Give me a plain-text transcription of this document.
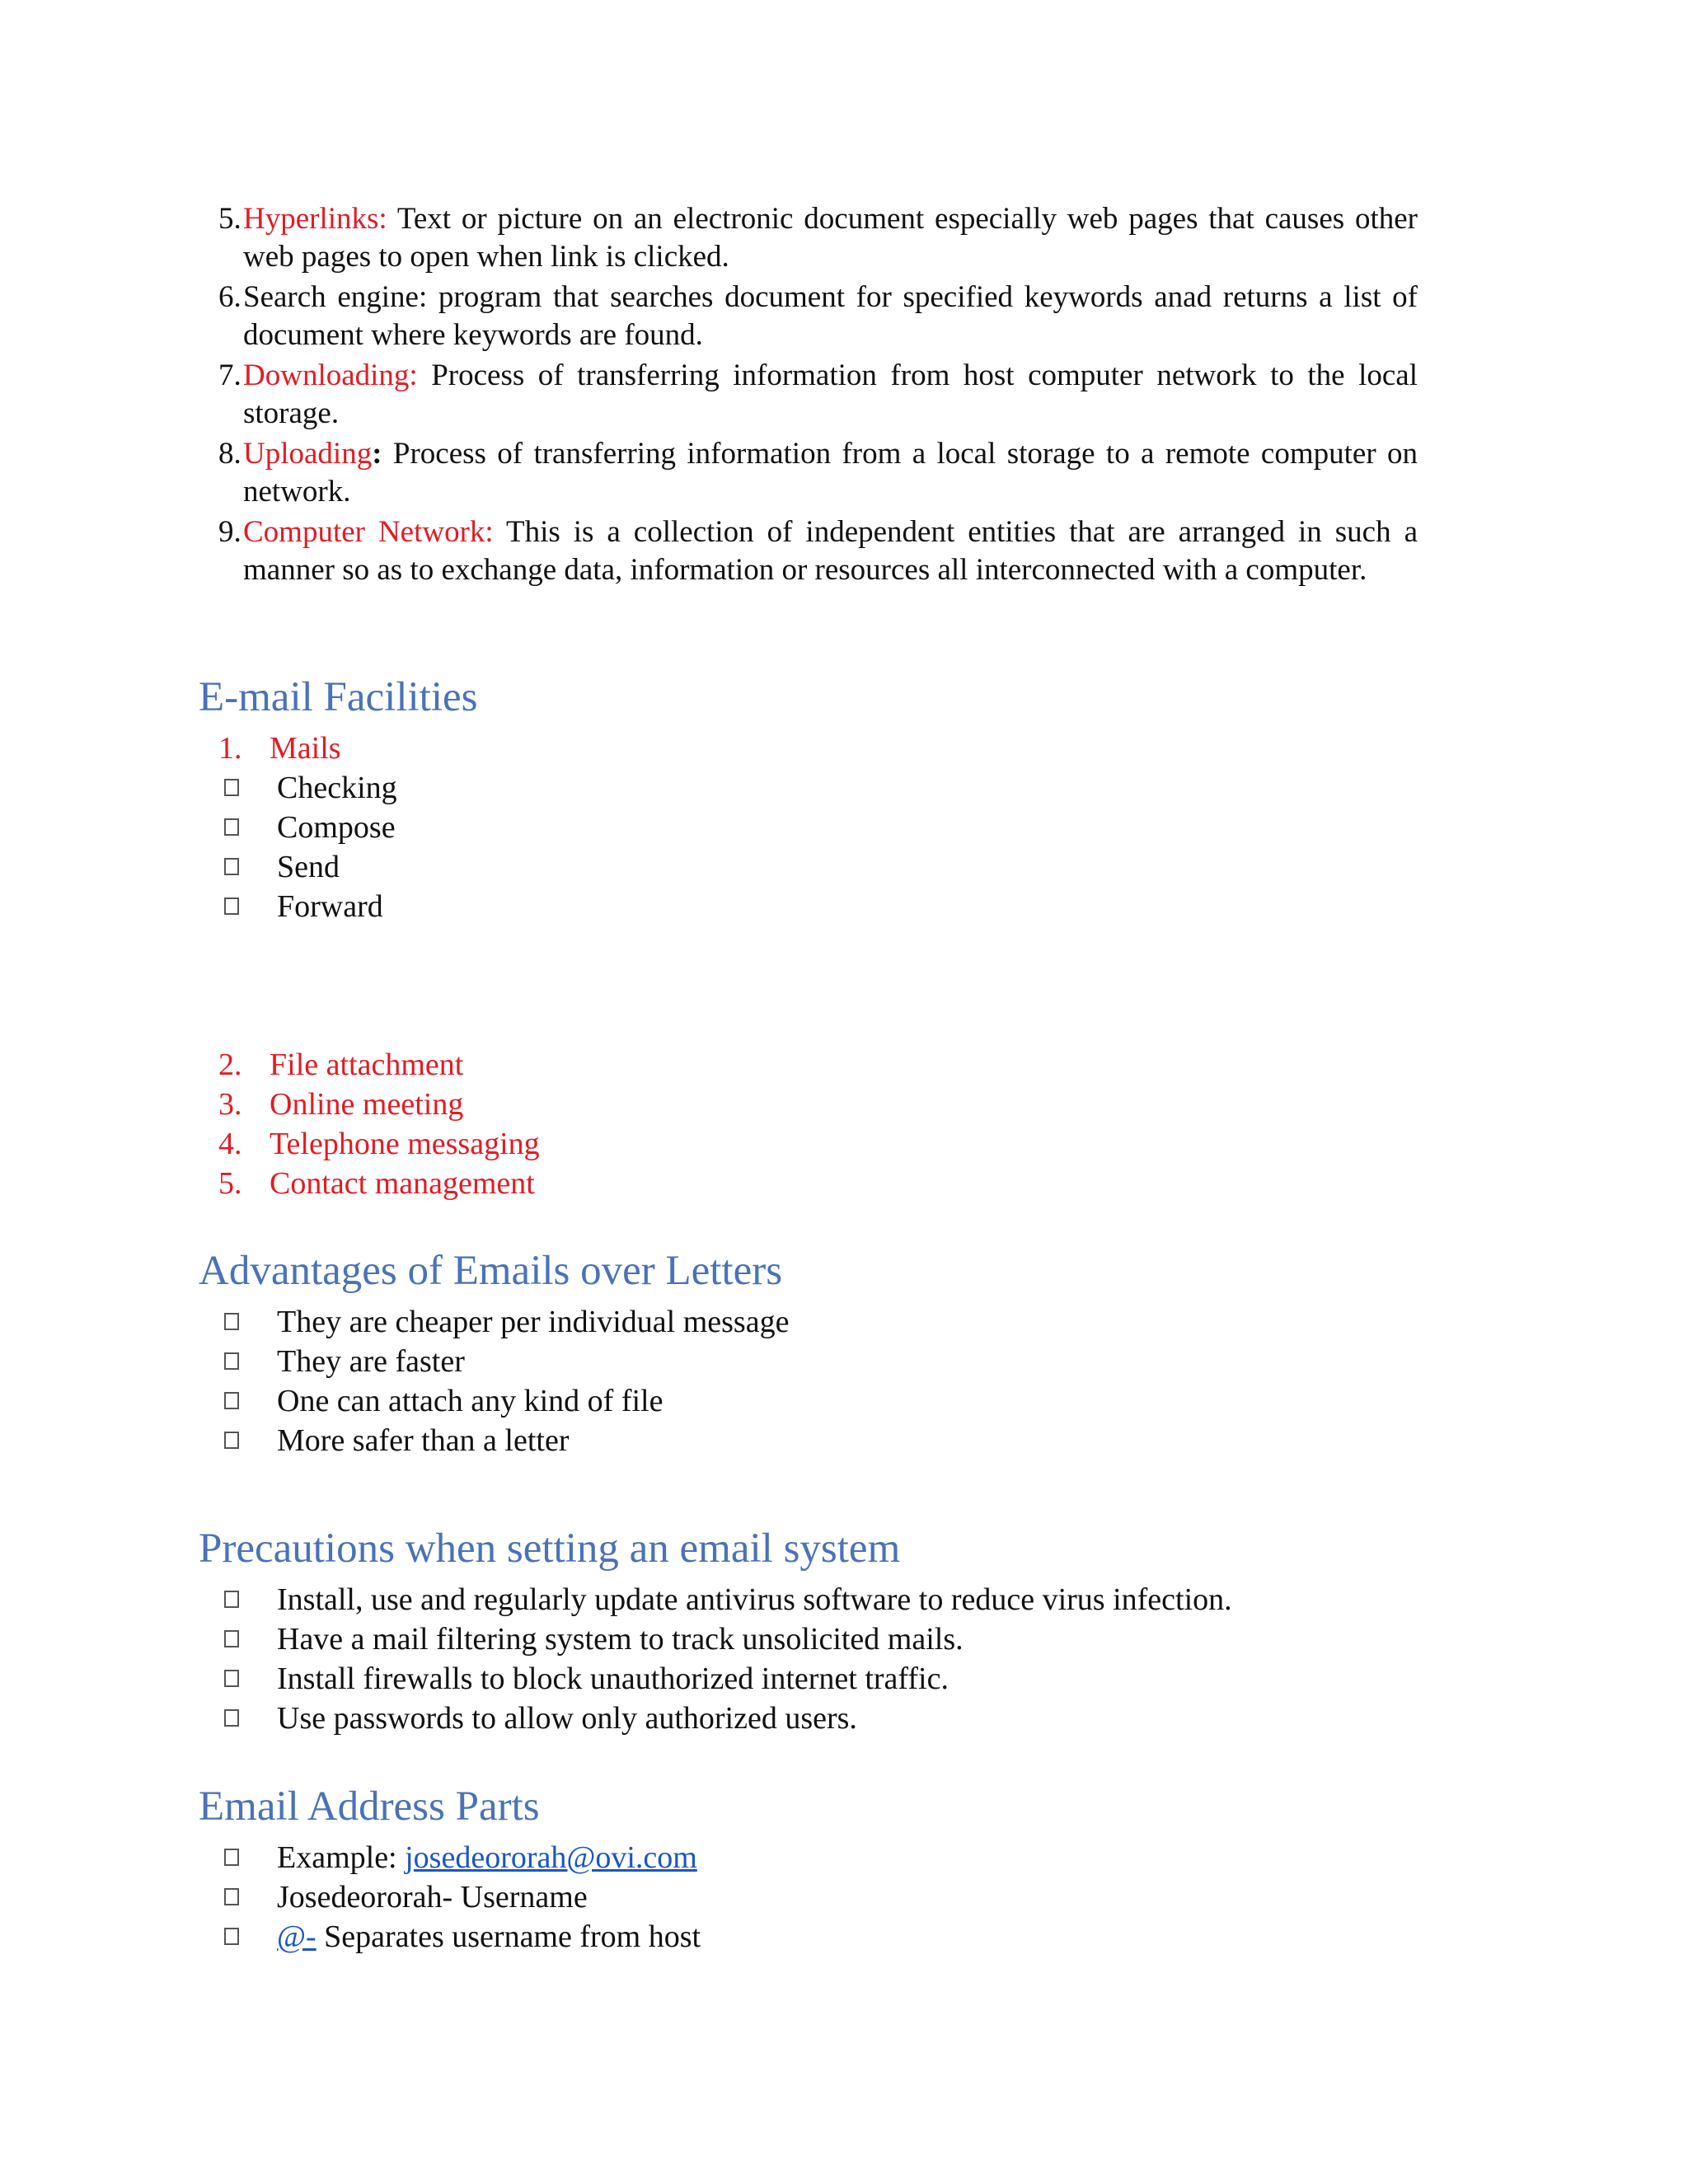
5. Hyperlinks: Text or picture on an electronic document especially web pages that causes other web pages to open when link is clicked.
6. Search engine: program that searches document for specified keywords anad returns a list of document where keywords are found.
7. Downloading: Process of transferring information from host computer network to the local storage.
8. Uploading: Process of transferring information from a local storage to a remote computer on network.
9. Computer Network: This is a collection of independent entities that are arranged in such a manner so as to exchange data, information or resources all interconnected with a computer.
E-mail Facilities
1. Mails
Checking
Compose
Send
Forward
2. File attachment
3. Online meeting
4. Telephone messaging
5. Contact management
Advantages of Emails over Letters
They are cheaper per individual message
They are faster
One can attach any kind of file
More safer than a letter
Precautions when setting an email system
Install, use and regularly update antivirus software to reduce virus infection.
Have a mail filtering system to track unsolicited mails.
Install firewalls to block unauthorized internet traffic.
Use passwords to allow only authorized users.
Email Address Parts
Example: josedeororah@ovi.com
Josedeororah- Username
@- Separates username from host
